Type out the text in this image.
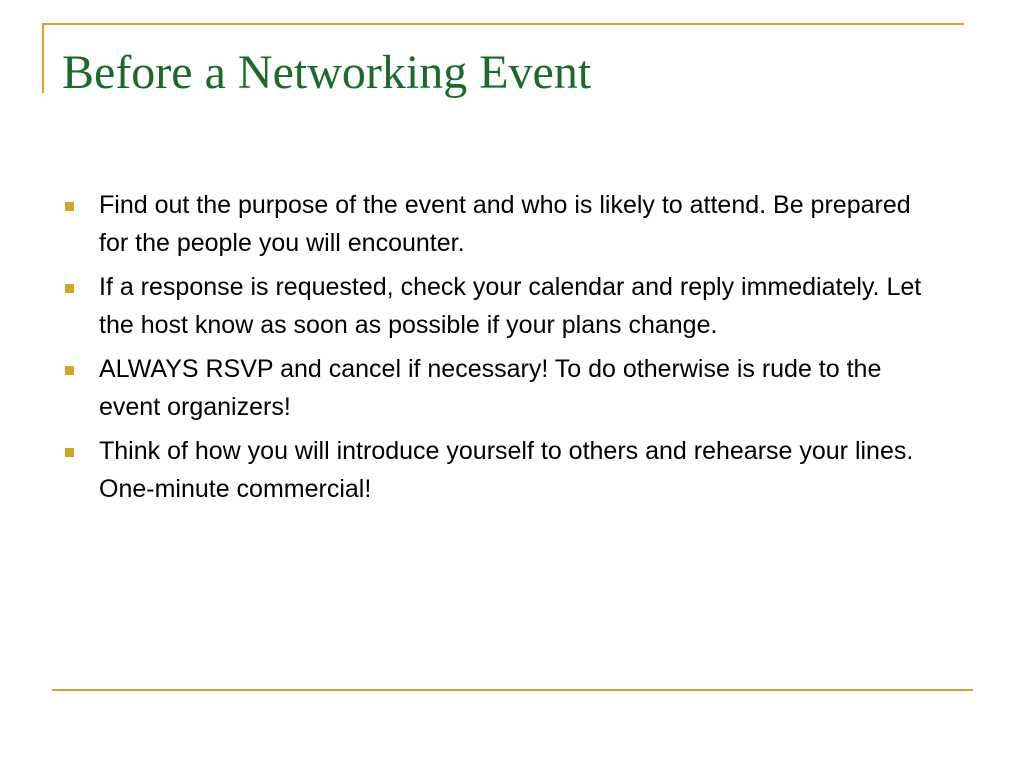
Before a Networking Event
Find out the purpose of the event and who is likely to attend. Be prepared for the people you will encounter.
If a response is requested, check your calendar and reply immediately. Let the host know as soon as possible if your plans change.
ALWAYS RSVP and cancel if necessary! To do otherwise is rude to the event organizers!
Think of how you will introduce yourself to others and rehearse your lines. One-minute commercial!
